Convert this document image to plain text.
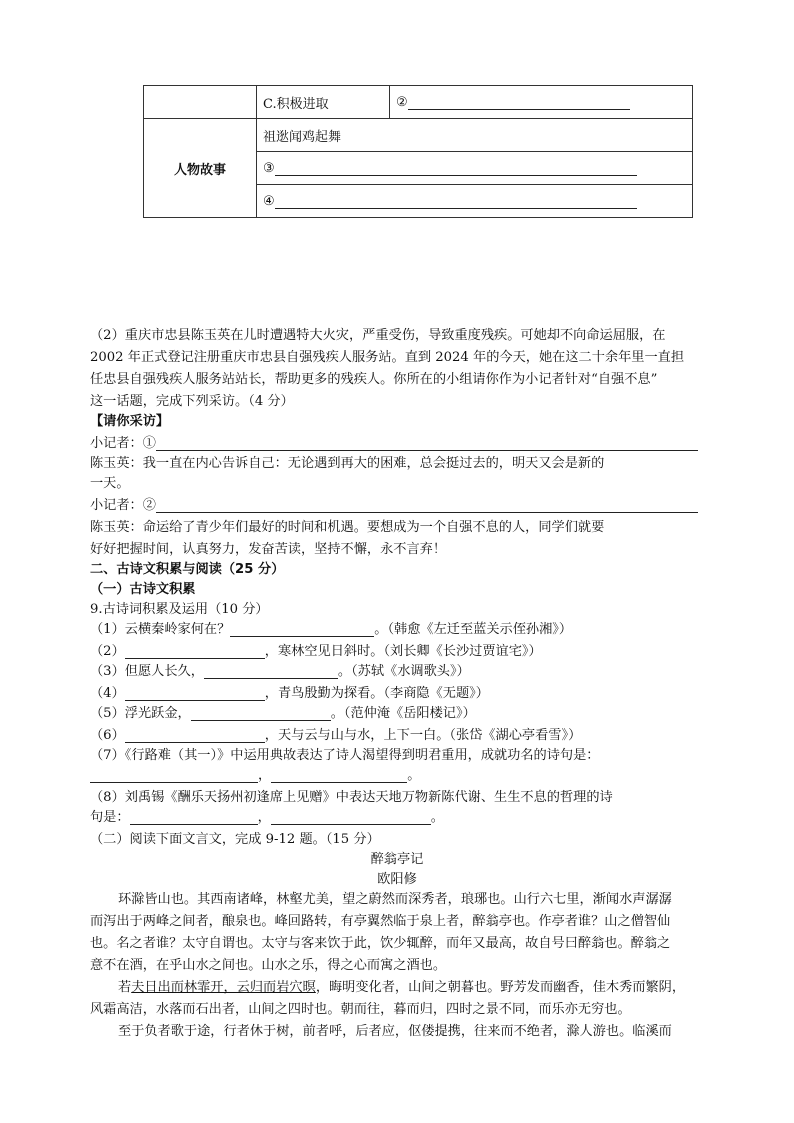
	C.积极进取	②
人物故事	祖逖闻鸡起舞	
	③	
	④	
（2）重庆市忠县陈玉英在儿时遭遇特大火灾，严重受伤，导致重度残疾。可她却不向命运屈服，在
2002 年正式登记注册重庆市忠县自强残疾人服务站。直到 2024 年的今天，她在这二十余年里一直担
任忠县自强残疾人服务站站长，帮助更多的残疾人。你所在的小组请你作为小记者针对“自强不息”
这一话题，完成下列采访。（4 分）
【请你采访】
小记者：①
陈玉英：我一直在内心告诉自己：无论遇到再大的困难，总会挺过去的，明天又会是新的
一天。
小记者：②
陈玉英：命运给了青少年们最好的时间和机遇。要想成为一个自强不息的人，同学们就要
好好把握时间，认真努力，发奋苦读，坚持不懈，永不言弃！
二、古诗文积累与阅读（25 分）
（一）古诗文积累
9.古诗词积累及运用（10 分）
（1）云横秦岭家何在？	。（韩愈《左迁至蓝关示侄孙湘》）
（2）	，寒林空见日斜时。（刘长卿《长沙过贾谊宅》）
（3）但愿人长久，	。（苏轼《水调歌头》）
（4）	，青鸟殷勤为探看。（李商隐《无题》）
（5）浮光跃金，	。（范仲淹《岳阳楼记》）
（6）	，天与云与山与水，上下一白。（张岱《湖心亭看雪》）
（7）《行路难（其一）》中运用典故表达了诗人渴望得到明君重用，成就功名的诗句是：
，	。
（8）刘禹锡《酬乐天扬州初逢席上见赠》中表达天地万物新陈代谢、生生不息的哲理的诗
句是：	，	。
（二）阅读下面文言文，完成 9-12 题。（15 分）
醉翁亭记
欧阳修
环滁皆山也。其西南诸峰，林壑尤美，望之蔚然而深秀者，琅琊也。山行六七里，渐闻水声潺潺
而泻出于两峰之间者，酿泉也。峰回路转，有亭翼然临于泉上者，醉翁亭也。作亭者谁？山之僧智仙
也。名之者谁？太守自谓也。太守与客来饮于此，饮少辄醉，而年又最高，故自号曰醉翁也。醉翁之
意不在酒，在乎山水之间也。山水之乐，得之心而寓之酒也。
若夫日出而林霏开，云归而岩穴暝，晦明变化者，山间之朝暮也。野芳发而幽香，佳木秀而繁阴，
风霜高洁，水落而石出者，山间之四时也。朝而往，暮而归，四时之景不同，而乐亦无穷也。
至于负者歌于途，行者休于树，前者呼，后者应，伛偻提携，往来而不绝者，滁人游也。临溪而
